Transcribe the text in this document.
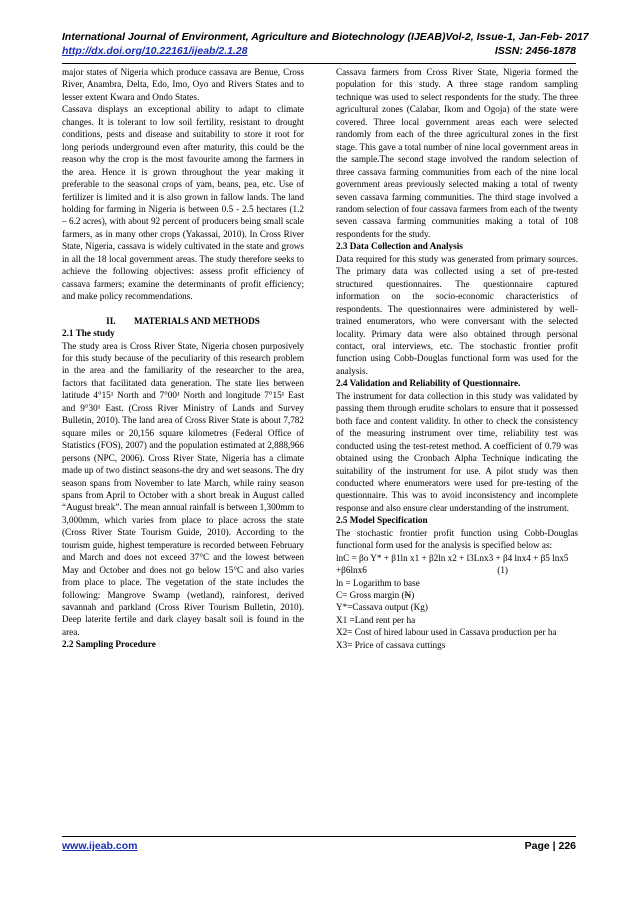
International Journal of Environment, Agriculture and Biotechnology (IJEAB) Vol-2, Issue-1, Jan-Feb- 2017
http://dx.doi.org/10.22161/ijeab/2.1.28	ISSN: 2456-1878

major states of Nigeria which produce cassava are Benue, Cross River, Anambra, Delta, Edo, Imo, Oyo and Rivers States and to lesser extent Kwara and Ondo States.

Cassava displays an exceptional ability to adapt to climate changes. It is tolerant to low soil fertility, resistant to drought conditions, pests and disease and suitability to store it root for long periods underground even after maturity, this could be the reason why the crop is the most favourite among the farmers in the area. Hence it is grown throughout the year making it preferable to the seasonal crops of yam, beans, pea, etc. Use of fertilizer is limited and it is also grown in fallow lands. The land holding for farming in Nigeria is between 0.5 - 2.5 hectares (1.2 – 6.2 acres), with about 92 percent of producers being small scale farmers, as in many other crops (Yakassai, 2010). In Cross River State, Nigeria, cassava is widely cultivated in the state and grows in all the 18 local government areas. The study therefore seeks to achieve the following objectives: assess profit efficiency of cassava farmers; examine the determinants of profit efficiency; and make policy recommendations.

II.        MATERIALS AND METHODS

2.1 The study

The study area is Cross River State, Nigeria chosen purposively for this study because of the peculiarity of this research problem in the area and the familiarity of the researcher to the area, factors that facilitated data generation. The state lies between latitude 4°15¹ North and 7°00¹ North and longitude 7°15¹ East and 9°30¹ East. (Cross River Ministry of Lands and Survey Bulletin, 2010). The land area of Cross River State is about 7,782 square miles or 20,156 square kilometres (Federal Office of Statistics (FOS), 2007) and the population estimated at 2,888,966 persons (NPC, 2006). Cross River State, Nigeria has a climate made up of two distinct seasons-the dry and wet seasons. The dry season spans from November to late March, while rainy season spans from April to October with a short break in August called “August break”. The mean annual rainfall is between 1,300mm to 3,000mm, which varies from place to place across the state (Cross River State Tourism Guide, 2010). According to the tourism guide, highest temperature is recorded between February and March and does not exceed 37°C and the lowest between May and October and does not go below 15°C and also varies from place to place. The vegetation of the state includes the following: Mangrove Swamp (wetland), rainforest, derived savannah and parkland (Cross River Tourism Bulletin, 2010). Deep laterite fertile and dark clayey basalt soil is found in the area.

2.2 Sampling Procedure

Cassava farmers from Cross River State, Nigeria formed the population for this study. A three stage random sampling technique was used to select respondents for the study. The three agricultural zones (Calabar, Ikom and Ogoja) of the state were covered. Three local government areas each were selected randomly from each of the three agricultural zones in the first stage. This gave a total number of nine local government areas in the sample.The second stage involved the random selection of three cassava farming communities from each of the nine local government areas previously selected making a total of twenty seven cassava farming communities. The third stage involved a random selection of four cassava farmers from each of the twenty seven cassava farming communities making a total of 108 respondents for the study.

2.3 Data Collection and Analysis

Data required for this study was generated from primary sources. The primary data was collected using a set of pre-tested structured questionnaires. The questionnaire captured information on the socio-economic characteristics of respondents. The questionnaires were administered by well-trained enumerators, who were conversant with the selected locality. Primary data were also obtained through personal contact, oral interviews, etc. The stochastic frontier profit function using Cobb-Douglas functional form was used for the analysis.

2.4 Validation and Reliability of Questionnaire.

The instrument for data collection in this study was validated by passing them through erudite scholars to ensure that it possessed both face and content validity. In other to check the consistency of the measuring instrument over time, reliability test was conducted using the test-retest method. A coefficient of 0.79 was obtained using the Cronbach Alpha Technique indicating the suitability of the instrument for use. A pilot study was then conducted where enumerators were used for pre-testing of the questionnaire. This was to avoid inconsistency and incomplete response and also ensure clear understanding of the instrument.

2.5 Model Specification

The stochastic frontier profit function using Cobb-Douglas functional form used for the analysis is specified below as:

lnC = βo Y* + β1ln x1 + β2ln x2 + l3Lnx3 + β4 lnx4 + β5 lnx5

+β6lnx6	(1)

ln = Logarithm to base

C= Gross margin (₦)

Y*=Cassava output (Kg)

X1 =Land rent per ha

X2= Cost of hired labour used in Cassava production per ha

X3= Price of cassava cuttings

www.ijeab.com	Page | 226
